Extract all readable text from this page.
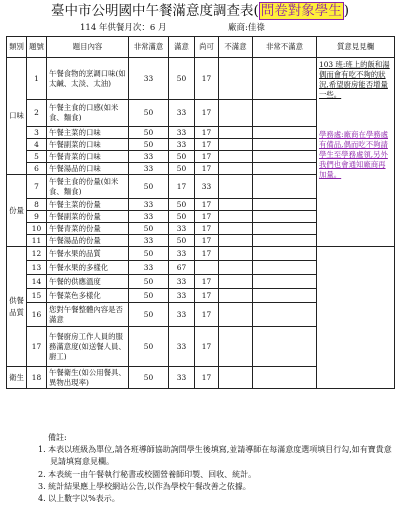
臺中市公明國中午餐滿意度調查表( 問卷對象學生 )
114 年供餐月次：6 月	廠商:佳祿
類別	題號	題目內容	非常滿意	滿意	尚可	不滿意	非常不滿意	質意見見欄
口味	1	午餐食物的烹調口味(如太鹹、太淡、太油)	33	50	17			103 班:班上的飯和湯偶而會有吃不夠的狀況,希望廚房能否增量一些。
學務處:廠商在學務處有備品,偶而吃不夠請學生至學務處領,另外我們也會通知廠商再加量。

	2	午餐主食的口感(如米食、麵食)	50	33	17			
	3	午餐主菜的口味	50	33	17			
	4	午餐副菜的口味	50	33	17			
	5	午餐青菜的口味	33	50	17			
	6	午餐湯品的口味	33	50	17			
份量	7	午餐主食的份量(如米食、麵食)	50	17	33			
	8	午餐主菜的份量	33	50	17			
	9	午餐副菜的份量	33	50	17			
	10	午餐青菜的份量	50	33	17			
	11	午餐湯品的份量	33	50	17			
供餐品質	12	午餐水果的品質	50	33	17			
	13	午餐水果的多樣化	33	67				
	14	午餐的供應溫度	50	33	17			
	15	午餐菜色多樣化	50	33	17			
	16	您對午餐整體內容是否滿意	50	33	17			
	17	午餐廚房工作人員的服務滿意度(如送餐人員、廚工)	50	33	17			
衛生	18	午餐衛生(如公用餐具、異物出現率)	50	33	17			
備註:
1. 本表以班級為單位,請各班導師協助詢問學生後填寫,並請導師在每滿意度選項填目行勾,如有寶貴意見請填寫意見欄。
2. 本表統一由午餐執行秘書或校園營養師印製、回收、統計。
3. 統計結果應上學校網站公告,以作為學校午餐改善之依據。
4. 以上數字以%表示。
